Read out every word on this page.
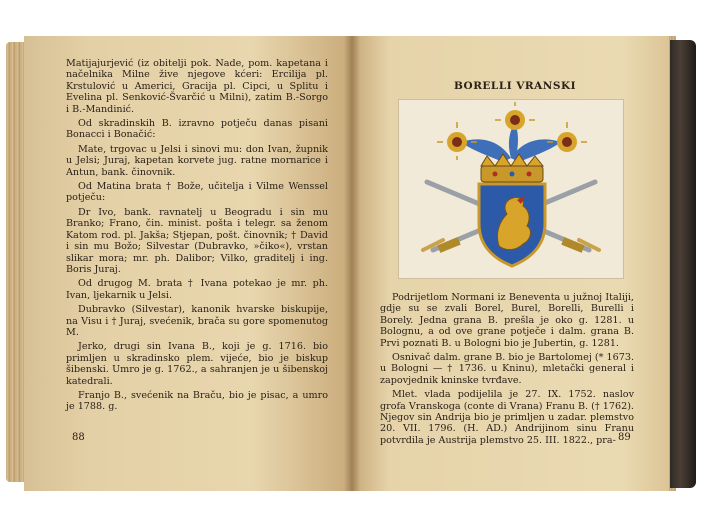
Matijajurjević (iz obitelji pok. Nade, pom. kapetana i načelnika Milne žive njegove kćeri: Ercilija pl. Krstulović u Americi, Gracija pl. Cipci, u Splitu i Evelina pl. Senković-Švarčić u Milni), zatim B.-Sorgo i B.-Mandinić.

Od skradinskih B. izravno potječu danas pisani Bonacci i Bonačić:

Mate, trgovac u Jelsi i sinovi mu: don Ivan, župnik u Jelsi; Juraj, kapetan korvete jug. ratne mornarice i Antun, bank. činovnik.

Od Matina brata † Bože, učitelja i Vilme Wenssel potječu:

Dr Ivo, bank. ravnatelj u Beogradu i sin mu Branko; Frano, čin. minist. pošta i telegr. sa ženom Katom rod. pl. Jakša; Stjepan, pošt. činovnik; † David i sin mu Božo; Silvestar (Dubravko, »čiko«), vrstan slikar mora; mr. ph. Dalibor; Vilko, graditelj i ing. Boris Juraj.

Od drugog M. brata † Ivana potekao je mr. ph. Ivan, ljekarnik u Jelsi.

Dubravko (Silvestar), kanonik hvarske biskupije, na Visu i † Juraj, svećenik, brača su gore spomenutog M.

Jerko, drugi sin Ivana B., koji je g. 1716. bio primljen u skradinsko plem. vijeće, bio je biskup šibenski. Umro je g. 1762., a sahranjen je u šibenskoj katedrali.

Franjo B., svećenik na Braču, bio je pisac, a umro je 1788. g.

88
BORELLI VRANSKI

Podrijetlom Normani iz Beneventa u južnoj Italiji, gdje su se zvali Borel, Burel, Borelli, Burelli i Borely. Jedna grana B. prešla je oko g. 1281. u Bolognu, a od ove grane potječe i dalm. grana B. Prvi poznati B. u Bologni bio je Jubertin, g. 1281.

Osnivač dalm. grane B. bio je Bartolomej (* 1673. u Bologni — † 1736. u Kninu), mletački general i zapovjednik kninske tvrđave.

Mlet. vlada podijelila je 27. IX. 1752. naslov grofa Vranskoga (conte di Vrana) Franu B. († 1762). Njegov sin Andrija bio je primljen u zadar. plemstvo 20. VII. 1796. (H. AD.) Andrijinom sinu Franu potvrdila je Austrija plemstvo 25. III. 1822., pra- 89
